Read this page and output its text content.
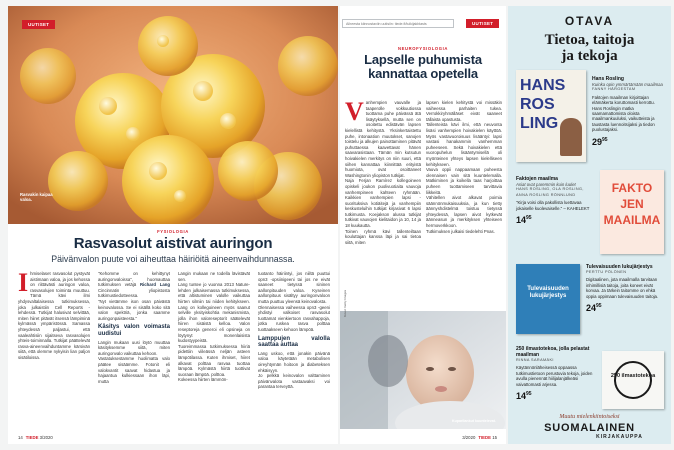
UUTISET
Rasvakin kaipaa valoa.
FYSIOLOGIA
Rasvasolut aistivat auringon
Päivänvalon puute voi aiheuttaa häiriöitä aineenvaihdunnassa.
Ihmiselaset rasvasolut pystyvät aistimaan valoa, ja jos kehossa on riittävästi auringon valoa, rasvasolujen toiminta muuttuu. Tämä kävi ilmi yhdysvaltalaisessa tutkimuksessa, joka julkaistiin Cell Reports -lehdessä. Tutkijat halusivat selvittää, miten hiiret pitävät itsensä lämpiminä kylmässä ympäristössä. Samassa yhteydessä paljastui, että vaaleahtisiin sijaitseva rasvasolujen yhteis-toiminnalla. Tutkijat päättelevät rasva-aineenvaihduntamme kärsivän siitä, että olemme nykyisin lian paljon sisätiloissa.
"Kehomme on kehittynyt auringonvaloissa", huomauttaa tutkimuksen vetäjä Richard Lang Cincinnatin yliopistosta tutkimustiedotteessa.
"Nyt vietämme ison osan päivästä keinovalossa. Se ei sisällä koko sitä valon spektriä, jonka saamme auringonpaisteesta."
Käsitys valon voimasta uudistui
Langin mukaan uusi löytö muuttaa käsityksemme siitä, miten auringonvalo vaikuttaa kehoon.
Vastatuksestamme huolimatta valo päätee sisäämme. Fotonit eli valokvantit saavat hidastua ja hajaantua kulkiessaan ihon läpi, mutta
Langin mukaan ne todella lävistävät sen.
Lang tuntee jo vuonna 2013 Nature-lehden julkaisemassa tutkimuksessa, että altistuminen valolle vaikuttaa hiirten silmiin tai niiden kehitykseen. Lang on kollegoineen myös saanut selville yksityiskohtia mekanismista, jolla ihon valoreseptorit säätelevät hiiren sisäistä kelloa. Valon reseptoreja generoi eli opsineja on löytynyt monenlaisista kudostyypeistä.
Tuoreimmassa tutkimuksessa hiiriä pidettiin viileässä neljän asteen lämpötilassa. Kuten ihmiset, hiiret alkavat polttaa rasvaa tuottaa lämpöä. Kylmästä hiirtä tuottivat suoraan lämpöä. polttoa.
Kokeessa hiirten lämmön-
tuotanto häiriintyi, jos niiltä puuttui opn3 -opsiinigeeni tai jos ne eivät saaneet tietyssä sininen aallonpituuden valoa. Kyseinen aallonpituus sisältyy auringonvaloon mutta puuttuu yleensä keinovalosta.
Olennaisessa vaiheessa opn3 -geeni yhdistyi valkoiset rasvasolut tuottamat vienkiertoon rasvahappoja, jotka ruskea rasva polttaa tuottaakseen kehoon lämpöä.
Lamppujen valolla saattaa auttaa
Lang uskoo, että jonakin päivänä valoa käytetään metabolisen oireyhtymän hoitoon ja diabeteksen ehkäisyyn.
Jo pelkkä keinovalon valttaminen päivänvalota vastaavaksi voi parantaa terveyttä.
14 TIEDE 3/2020
Aiheesta kiinnostaviin uutisiin: tiede.fi/tuikijakblasts	UUTISET
NEUROFYSIOLOGIA
Lapselle puhumista
kannattaa opetella
Vanhempien vauvalle ja taaperolle vokkuutiossa tuottama puhe päivässä ätä lisäytyksellä, mutta sen on osoitettu edistävän lapsen kielellistä kehitystä. Yksinkertaistettu puhe, intonaation muutokset, sanojen toistelu ja alkujen painottaminen pitävät puhuttaessa kaavettavat hänen saavarasistaan. Tämän min kutsutun hoivakielen merkitys on niin suuri, että siihen kannattaa kiinnittää erityistä huomiota, ovat osoittaneet Washingtonin yliopiston tutkijat.
Naja Ferjan Ramírez kollegoineen opiskeli joukon puolivuotiaita vauvoja vanhempineen kahteen ryhmään. Kaikkien vanhempien lapsi -suorituksiva kotiäitejä ja vanhempiin keskusteluihin tutkijat kirjasivat 6 lapsi tutkimusta. Koejakson alussa tutkijat tutkivat vauvojen kielitaidon ja 10, 14 ja 18 kuukautta.
Toinen ryhmä kävi tallenteiltaan kouluttajan kanssa läpi ja sai tietoa siitä, miten
lapsen kielen kehitystä voi missäkin vaiheessa parhaiten tukea. Verrokkiryhmälläset eivät saaneet tällaista opastusta.
Tallenteista kävi ilmi, että neuvonta lisäsi vanhempien hoivakielen käyttöä. Myös vastavuoroisuus lisääntyi: lapsi vastasi hanakammin vanhemman puheeseen. Sekä hoivakielen että vuoropuhelun lisääntymisellä oli myönteinen yhteys lapsen kielelliseen kehitykseen.
Vauva oppii nappaamaan puheesta olennaisen vain sitä kuuntelemalla. Matkiminen ja koikella taas harjoittaa puheen tuottamiseen tarvittavia liikkeitä.
Vähitellen aivot alkavat poimia säännönmukaisuuksia, ja kun tietty äännyshdistelmä toistuu tietyssä yhteydessä, lapsen aivot kytkevät äänneasun ja merkityksen yhteiseen hermoverkkoon.
Tutkimuksen julkaisi tiedelehti Pnas.
Kuvat: Getty Images
Kuparilankut kuuntelevat.
3/2020 TIEDE 15
OTAVA
Tietoa, taitoja
ja tekoja
HANS ROS LING
Hans Rosling
Kuinka opin ymmärtämään maailmaa
FANNY HÄRGESTAM
Faktojen maailman kirjoittajan elämäkerta koruttomasti kerrottu. Hans Roslingin matka saamamattomista oloista maailmankuuluksi, vaikutteista ja taustasta luennoitsijaksi ja tiedon puolustajaksi.
$29^{95}$
Faktojen maailma
Asiat ovat paremmin kuin luulet
HANS ROSLING, OLA ROSLING, ANNA ROSLING RÖNNLUND
"Kirja voisi olla pakollista luettavaa jokaiselle kuolevaiselle." – KAHELEKT
$14^{95}$
FAKTO JEN MAAILMA
Tulevaisuuden lukujärjestys
Tulevaisuuden lukujärjestys
PERTTU PÖLÖNEN
Digitaalinen, jota maailmalla tarvitaan inhimillisiä taitoja, joita koneet eivät korvaa. Ja tärkein taitomme on ehkä oppia oppimaan tulevaisuuden taitoja.
$24^{95}$
250 ilmastotekoa, jolla pelastat maailman
RINNA SARAMÄKI
Käytännönläheisessä oppaassa tutkimustietoon perustuvia tekoja, joiden avulla pienennät hiilijalanjälkeäsi vaivattomasti arjessa.
$14^{95}$
250 ilmastotekoa
Muutu mielenkiintoiseksi
SUOMALAINEN
KIRJAKAUPPA
